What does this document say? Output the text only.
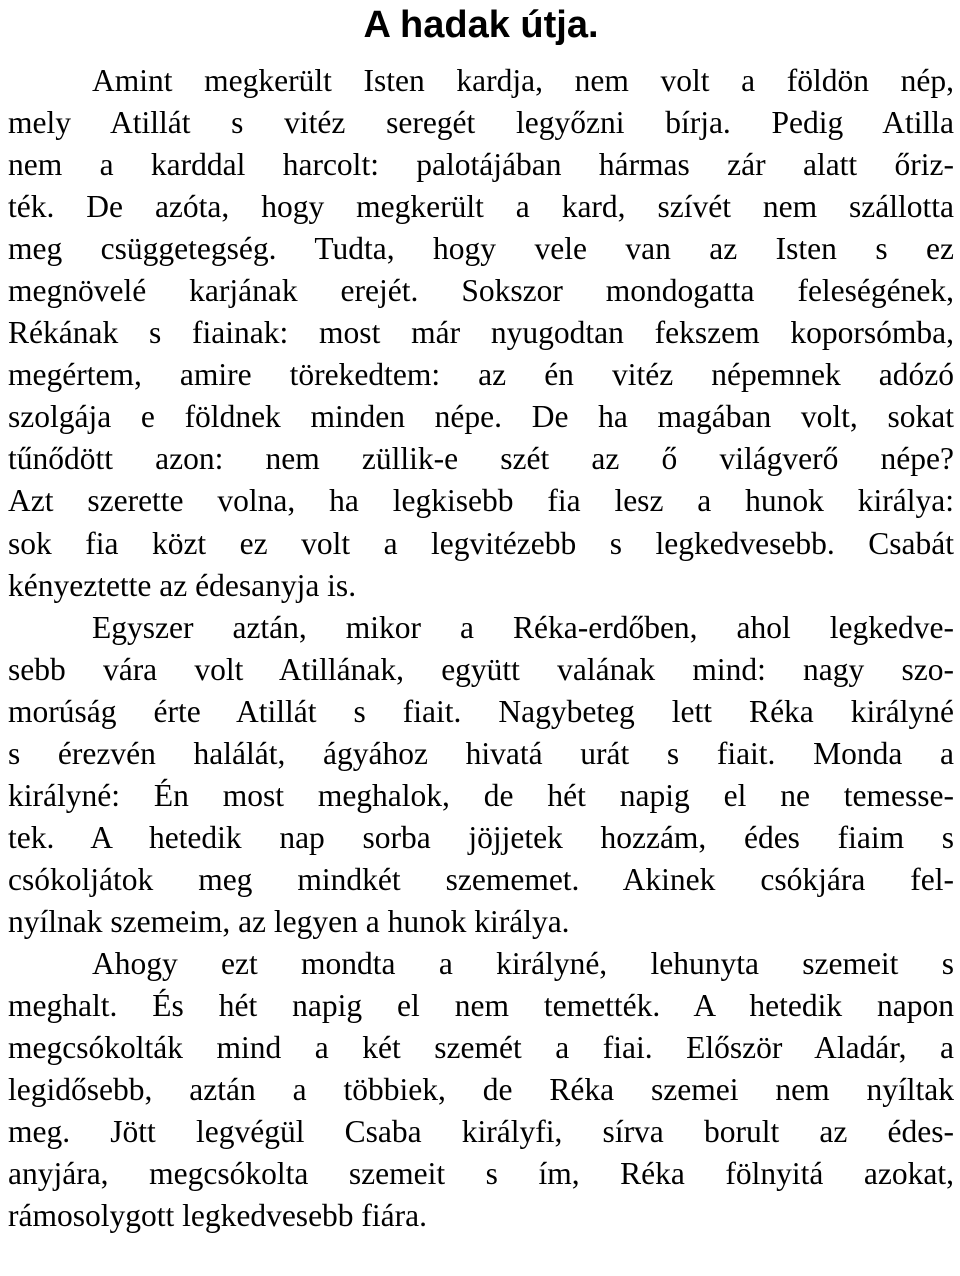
A hadak útja.
Amint megkerült Isten kardja, nem volt a földön nép,
mely Atillát s vitéz seregét legyőzni bírja. Pedig Atilla
nem a karddal harcolt: palotájában hármas zár alatt őriz-
ték. De azóta, hogy megkerült a kard, szívét nem szállotta
meg csüggetegség. Tudta, hogy vele van az Isten s ez
megnövelé karjának erejét. Sokszor mondogatta feleségének,
Rékának s fiainak: most már nyugodtan fekszem koporsómba,
megértem, amire törekedtem: az én vitéz népemnek adózó
szolgája e földnek minden népe. De ha magában volt, sokat
tűnődött azon: nem züllik-e szét az ő világverő népe?
Azt szerette volna, ha legkisebb fia lesz a hunok királya:
sok fia közt ez volt a legvitézebb s legkedvesebb. Csabát
kényeztette az édesanyja is.
Egyszer aztán, mikor a Réka-erdőben, ahol legkedve-
sebb vára volt Atillának, együtt valának mind: nagy szo-
morúság érte Atillát s fiait. Nagybeteg lett Réka királyné
s érezvén halálát, ágyához hivatá urát s fiait. Monda a
királyné: Én most meghalok, de hét napig el ne temesse-
tek. A hetedik nap sorba jöjjetek hozzám, édes fiaim s
csókoljátok meg mindkét szememet. Akinek csókjára fel-
nyílnak szemeim, az legyen a hunok királya.
Ahogy ezt mondta a királyné, lehunyta szemeit s
meghalt. És hét napig el nem temették. A hetedik napon
megcsókolták mind a két szemét a fiai. Először Aladár, a
legidősebb, aztán a többiek, de Réka szemei nem nyíltak
meg. Jött legvégül Csaba királyfi, sírva borult az édes-
anyjára, megcsókolta szemeit s ím, Réka fölnyitá azokat,
rámosolygott legkedvesebb fiára.
